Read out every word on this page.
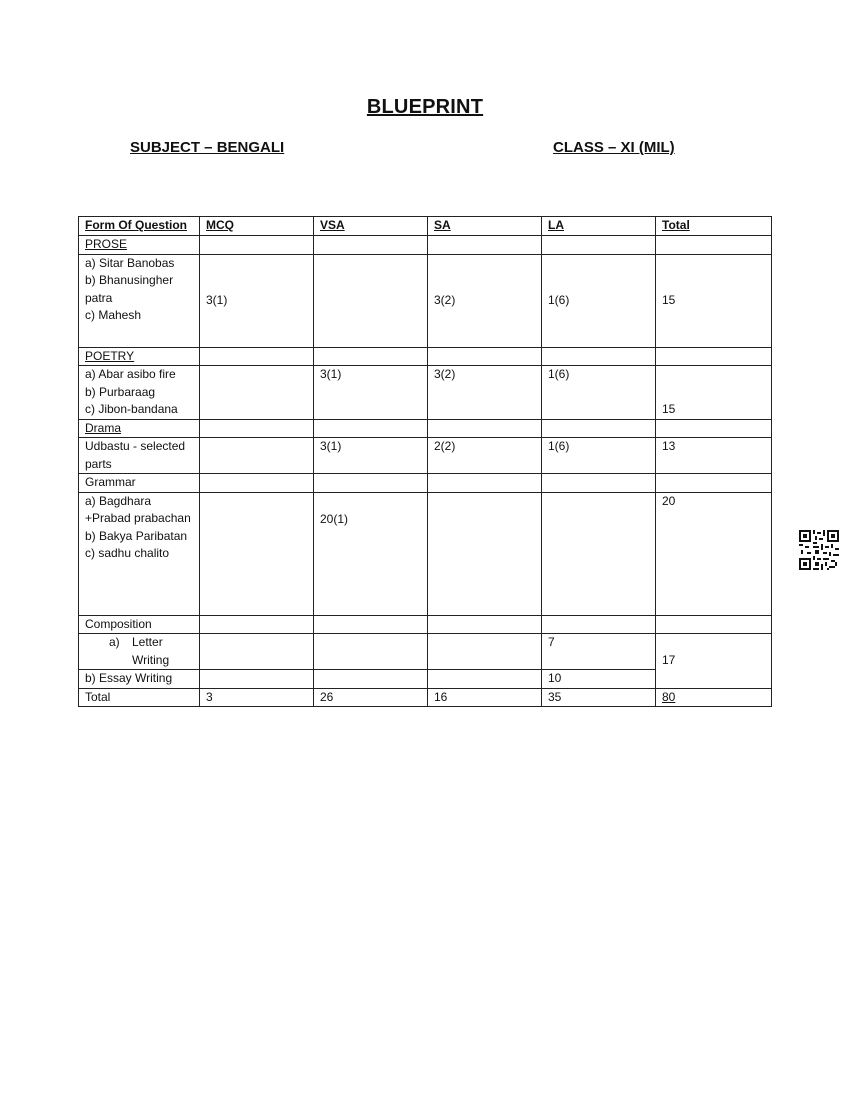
BLUEPRINT
SUBJECT – BENGALI	CLASS – XI (MIL)
Form Of Question	MCQ	VSA	SA	LA	Total
PROSE					

a) Sitar Banobas
b) Bhanusingher patra
c) Mahesh	3(1)		3(2)	1(6)	15
POETRY					

a) Abar asibo fire
b) Purbaraag
c) Jibon-bandana		3(1)	3(2)	1(6)	15
Drama					

Udbastu - selected parts		3(1)	2(2)	1(6)	13
Grammar					

a) Bagdhara +Prabad prabachan
b) Bakya Paribatan
c) sadhu chalito		20(1)			20
Composition					

a) Letter Writing				7	17
b) Essay Writing				10	
Total	3	26	16	35	80
